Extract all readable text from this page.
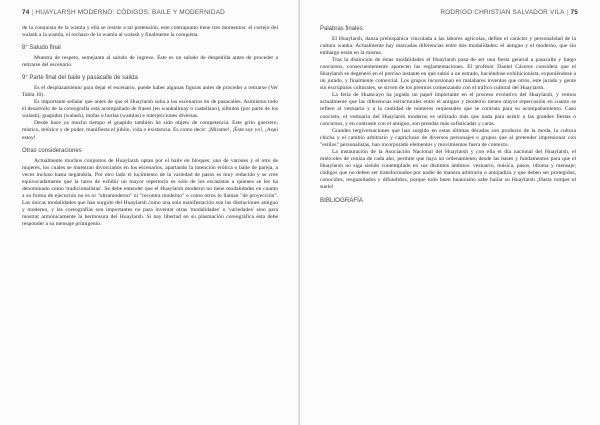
74 | HUAYLARSH MODERNO: CÓDIGOS, BAILE Y MODERNIDAD

de la conquista de la wamla y ella se resiste a tal pretensión, este contrapunto tiene tres momentos: el cortejo del walash a la wamla, el rechazo de la wamla al walash y finalmente la conquista.

8° Saludo final

Muestra de respeto, semejante al saludo de ingreso. Éste es un saludo de despedida antes de proceder a retirarse del escenario.

9° Parte final del baile y pasacalle de salida

Es el desplazamiento para dejar el escenario, puede haber algunas figuras antes de proceder a retirarse (Ver Tabla 10).

Es importante señalar que antes de que el Huaylarsh suba a los escenarios en de pasacalles. Asimismo todo el desarrollo de la coreografía está acompañado de frases (en wankalimay o castellano), silbidos (por parte de los walash), guapidos (walash), mofas o burlas (wamlas) e interjecciones diversas.

Desde hace ya mucho tiempo el guapido también ha sido objeto de competencia. Este grito guerrero, místico, telúrico y de poder, manifiesta el júbilo, vida o existencia. Es como decir: ¡Mírame!, ¡Éste soy yo!, ¡Aquí estoy!

Otras consideraciones

Actualmente muchos conjuntos de Huaylarsh optan por el baile en bloques: uno de varones y el otro de mujeres, los cuales se muestran divorciados en los escenarios, apartando la intención erótica o baile de pareja, a veces incluso hasta negándola. Por otro lado el lucimiento de la variedad de pasos es muy reducido y se cree equivocadamente que la tarea de exhibir un mayor repertorio es sólo de los escasistas a quienes se les ha denominado como 'tradicionalistas'. Se debe entender que el Huaylarsh moderno no tiene modalidades en cuanto a su forma de ejecución no es ni "ultramoderno" ni "recontra moderno" o como otros lo llaman "de proyección". Las únicas modalidades que han surgido del Huaylarsh como una sola manifestación son las distinciones antiguo y moderno, y las coreografías son importantes no para inventar otras 'modalidades' o 'variedades' sino para mostrar armónicamente la hermosura del Huaylarsh. Si hay libertad en su plasmación coreográfica ésta debe responder a su mensaje primigenio.

RODRIGO CHRISTIAN SALVADOR VILA | 75
Palabras finales

El Huaylarsh, danza prehispánica vinculada a las labores agrícolas, define el carácter y personalidad de la cultura wanka. Actualmente hay marcadas diferencias entre dos modalidades: el antiguo y el moderno, que sin embargo están en la misma.

Tras la distinción de éstas modalidades el Huaylarsh pasa de ser una fiesta general a pasacalle y luego concursos, consecuentemente aparecen las reglamentaciones. El profesor Daniel Cáceres considera que el Huaylarsh se degeneró en el preciso instante en que subió a un estrado, haciéndose exhibicionista, exponiéndose a un jurado, y finalmente comercial. Los grupos incursionan en malabares inventos que otros, este jurado y gente sin escrúpulos culturales, se sirven de los premios comenzando con el tráfico cultural del Huaylarsh.

La feria de Huancayo ha jugado un papel importante en el proceso evolutivo del Huaylarsh, y vemos actualmente que las diferencias estructurales entre el antiguo y moderno tienen mayor repercusión en cuanto se refiere al vestuario y a la cantidad de números orquestales que se contrata para su acompañamiento. Caso concreto, el vestuario del Huaylarsh moderno es utilizado más que nada para asistir a las grandes fiestas o concursos, y en contraste con el antiguo, son prendas más sofisticadas y caras.

Grandes tergiversaciones que han surgido en estas últimas décadas son producto de la moda, la cultura chicha y el cambio arbitrario y caprichoso de diversos personajes o grupos que al pretender impresionar con "estilos" personalistas, han incorporado elementos y movimientos fuera de contexto.

La instauración de la Asociación Nacional del Huaylarsh y con ella el día nacional del Huaylarsh, el miércoles de ceniza de cada año, permite que haya un ordenamiento desde las bases y fundamentos para que el Huaylarsh no siga siendo contemplado en sus distintos ámbitos: vestuario, música, pasos, idioma y mensaje; códigos que no deben ser transformados por nadie de manera arbitraria o antojadiza y que deben ser protegidos, conocidos, resguardados y difundidos, porque todo buen huancaíno sabe bailar su Huaylarsh ¡Hasta romper el suelo!

BIBLIOGRAFÍA
